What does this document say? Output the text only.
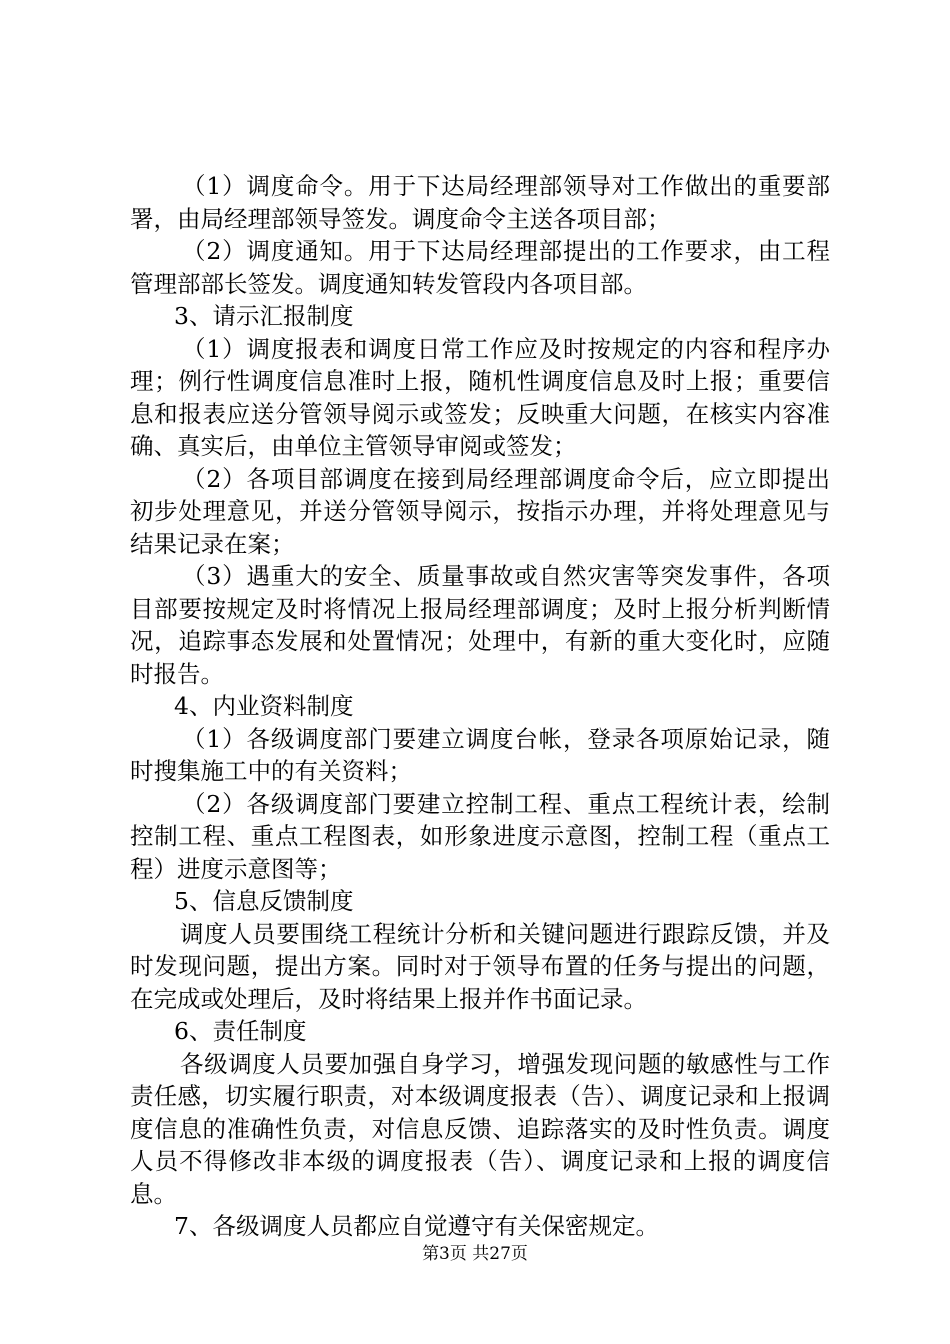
（1）调度命令。用于下达局经理部领导对工作做出的重要部署，由局经理部领导签发。调度命令主送各项目部；

（2）调度通知。用于下达局经理部提出的工作要求，由工程管理部部长签发。调度通知转发管段内各项目部。

3、请示汇报制度

（1）调度报表和调度日常工作应及时按规定的内容和程序办理；例行性调度信息准时上报，随机性调度信息及时上报；重要信息和报表应送分管领导阅示或签发；反映重大问题，在核实内容准确、真实后，由单位主管领导审阅或签发；

（2）各项目部调度在接到局经理部调度命令后，应立即提出初步处理意见，并送分管领导阅示，按指示办理，并将处理意见与结果记录在案；

（3）遇重大的安全、质量事故或自然灾害等突发事件，各项目部要按规定及时将情况上报局经理部调度；及时上报分析判断情况，追踪事态发展和处置情况；处理中，有新的重大变化时，应随时报告。

4、内业资料制度

（1）各级调度部门要建立调度台帐，登录各项原始记录，随时搜集施工中的有关资料；

（2）各级调度部门要建立控制工程、重点工程统计表，绘制控制工程、重点工程图表，如形象进度示意图，控制工程（重点工程）进度示意图等；

5、信息反馈制度

调度人员要围绕工程统计分析和关键问题进行跟踪反馈，并及时发现问题，提出方案。同时对于领导布置的任务与提出的问题，在完成或处理后，及时将结果上报并作书面记录。

6、责任制度

各级调度人员要加强自身学习，增强发现问题的敏感性与工作责任感，切实履行职责，对本级调度报表（告）、调度记录和上报调度信息的准确性负责，对信息反馈、追踪落实的及时性负责。调度人员不得修改非本级的调度报表（告）、调度记录和上报的调度信息。

7、各级调度人员都应自觉遵守有关保密规定。

第3页 共27页
